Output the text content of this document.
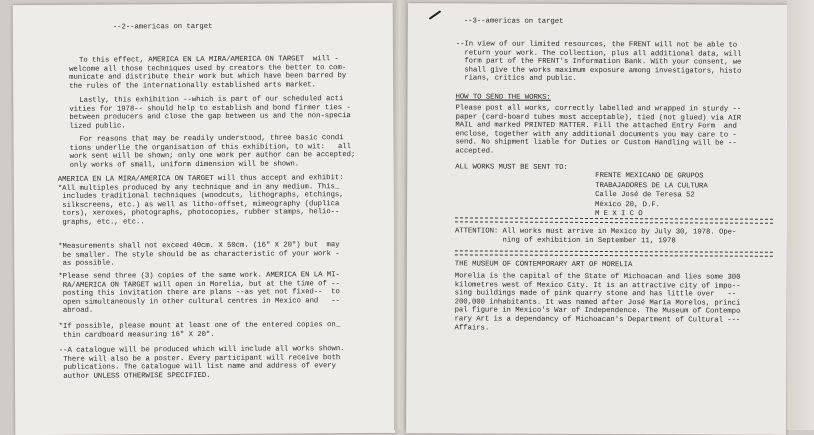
--2--americas on target
To this effect, AMERICA EN LA MIRA/AMERICA ON TARGET  will -
welcome all those techniques used by creators the better to com-
municate and distribute their work but which have been barred by
the rules of the internationally established arts market.
Lastly, this exhibition --which is part of our scheduled acti
vities for 1978-- should help to establish and bond firmer ties -
between producers and close the gap between us and the non-specia
lized public.
For reasons that may be readily understood, three basic condi
tions underlie the organisation of this exhibition, to wit:   all
work sent will be shown; only one work per author can be accepted;
only works of small, uniform dimension will be shown.
AMERICA EN LA MIRA/AMERICA ON TARGET will thus accept and exhibit:
*All multiples produced by any technique and in any medium. This_
includes traditional techniques (woodcuts, lithographs, etchings,
silkscreens, etc.) as well as litho-offset, mimeography (duplica
tors), xeroxes, photographs, photocopies, rubber stamps, helio--
graphs, etc., etc..
*Measurements shall not exceed 40cm. X 50cm. (16" X 20") but  may
be smaller. The style should be as characteristic of your work -
as possible.
*Please send three (3) copies of the same work. AMERICA EN LA MI-
RA/AMERICA ON TARGET will open in Morelia, but at the time of --
posting this invitation there are plans --as yet not fixed--  to
open simultaneously in other cultural centres in Mexico and   --
abroad.
*If possible, please mount at least one of the entered copies on_
thin cardboard measuring 16" X 20".
--A catalogue will be produced which will include all works shown.
There will also be a poster. Every participant will receive both
publications. The catalogue will list name and address of every
author UNLESS OTHERWISE SPECIFIED.
--3--americas on target
--In view of our limited resources, the FRENT will not be able to
return your work. The collection, plus all additional data, will
form part of the FRENT's Information Bank. With your consent, we
shall give the works maximum exposure among investigators, histo
rians, critics and public.
HOW TO SEND THE WORKS:
Please post all works, correctly labelled and wrapped in sturdy --
paper (card-board tubes most acceptable), tied (not glued) via AIR
MAIL and marked PRINTED MATTER. Fill the attached Entry Form  and
enclose, together with any additional documents you may care to -
send. No shipment liable for Duties or Custom Handling will be --
accepted.
ALL WORKS MUST BE SENT TO:
FRENTE MEXICANO DE GRUPOS
TRABAJADORES DE LA CULTURA
Calle José de Teresa 52
México 20, D.F.
M E X I C O
ATTENTION: All works must arrive in Mexico by July 30, 1978. Ope-
ning of exhibition in September 11, 1978
THE MUSEUM OF CONTEMPORARY ART OF MORELIA
Morelia is the capital of the State of Michoacan and lies some 300
kilometres west of Mexico City. It is an attractive city of impo--
sing buildings made of pink quarry stone and has little over   --
200,000 inhabitants. It was named after José María Morelos, princi
pal figure in Mexico's War of Independence. The Museum of Contempo
rary Art is a dependancy of Michoacan's Department of Cultural ---
Affairs.
